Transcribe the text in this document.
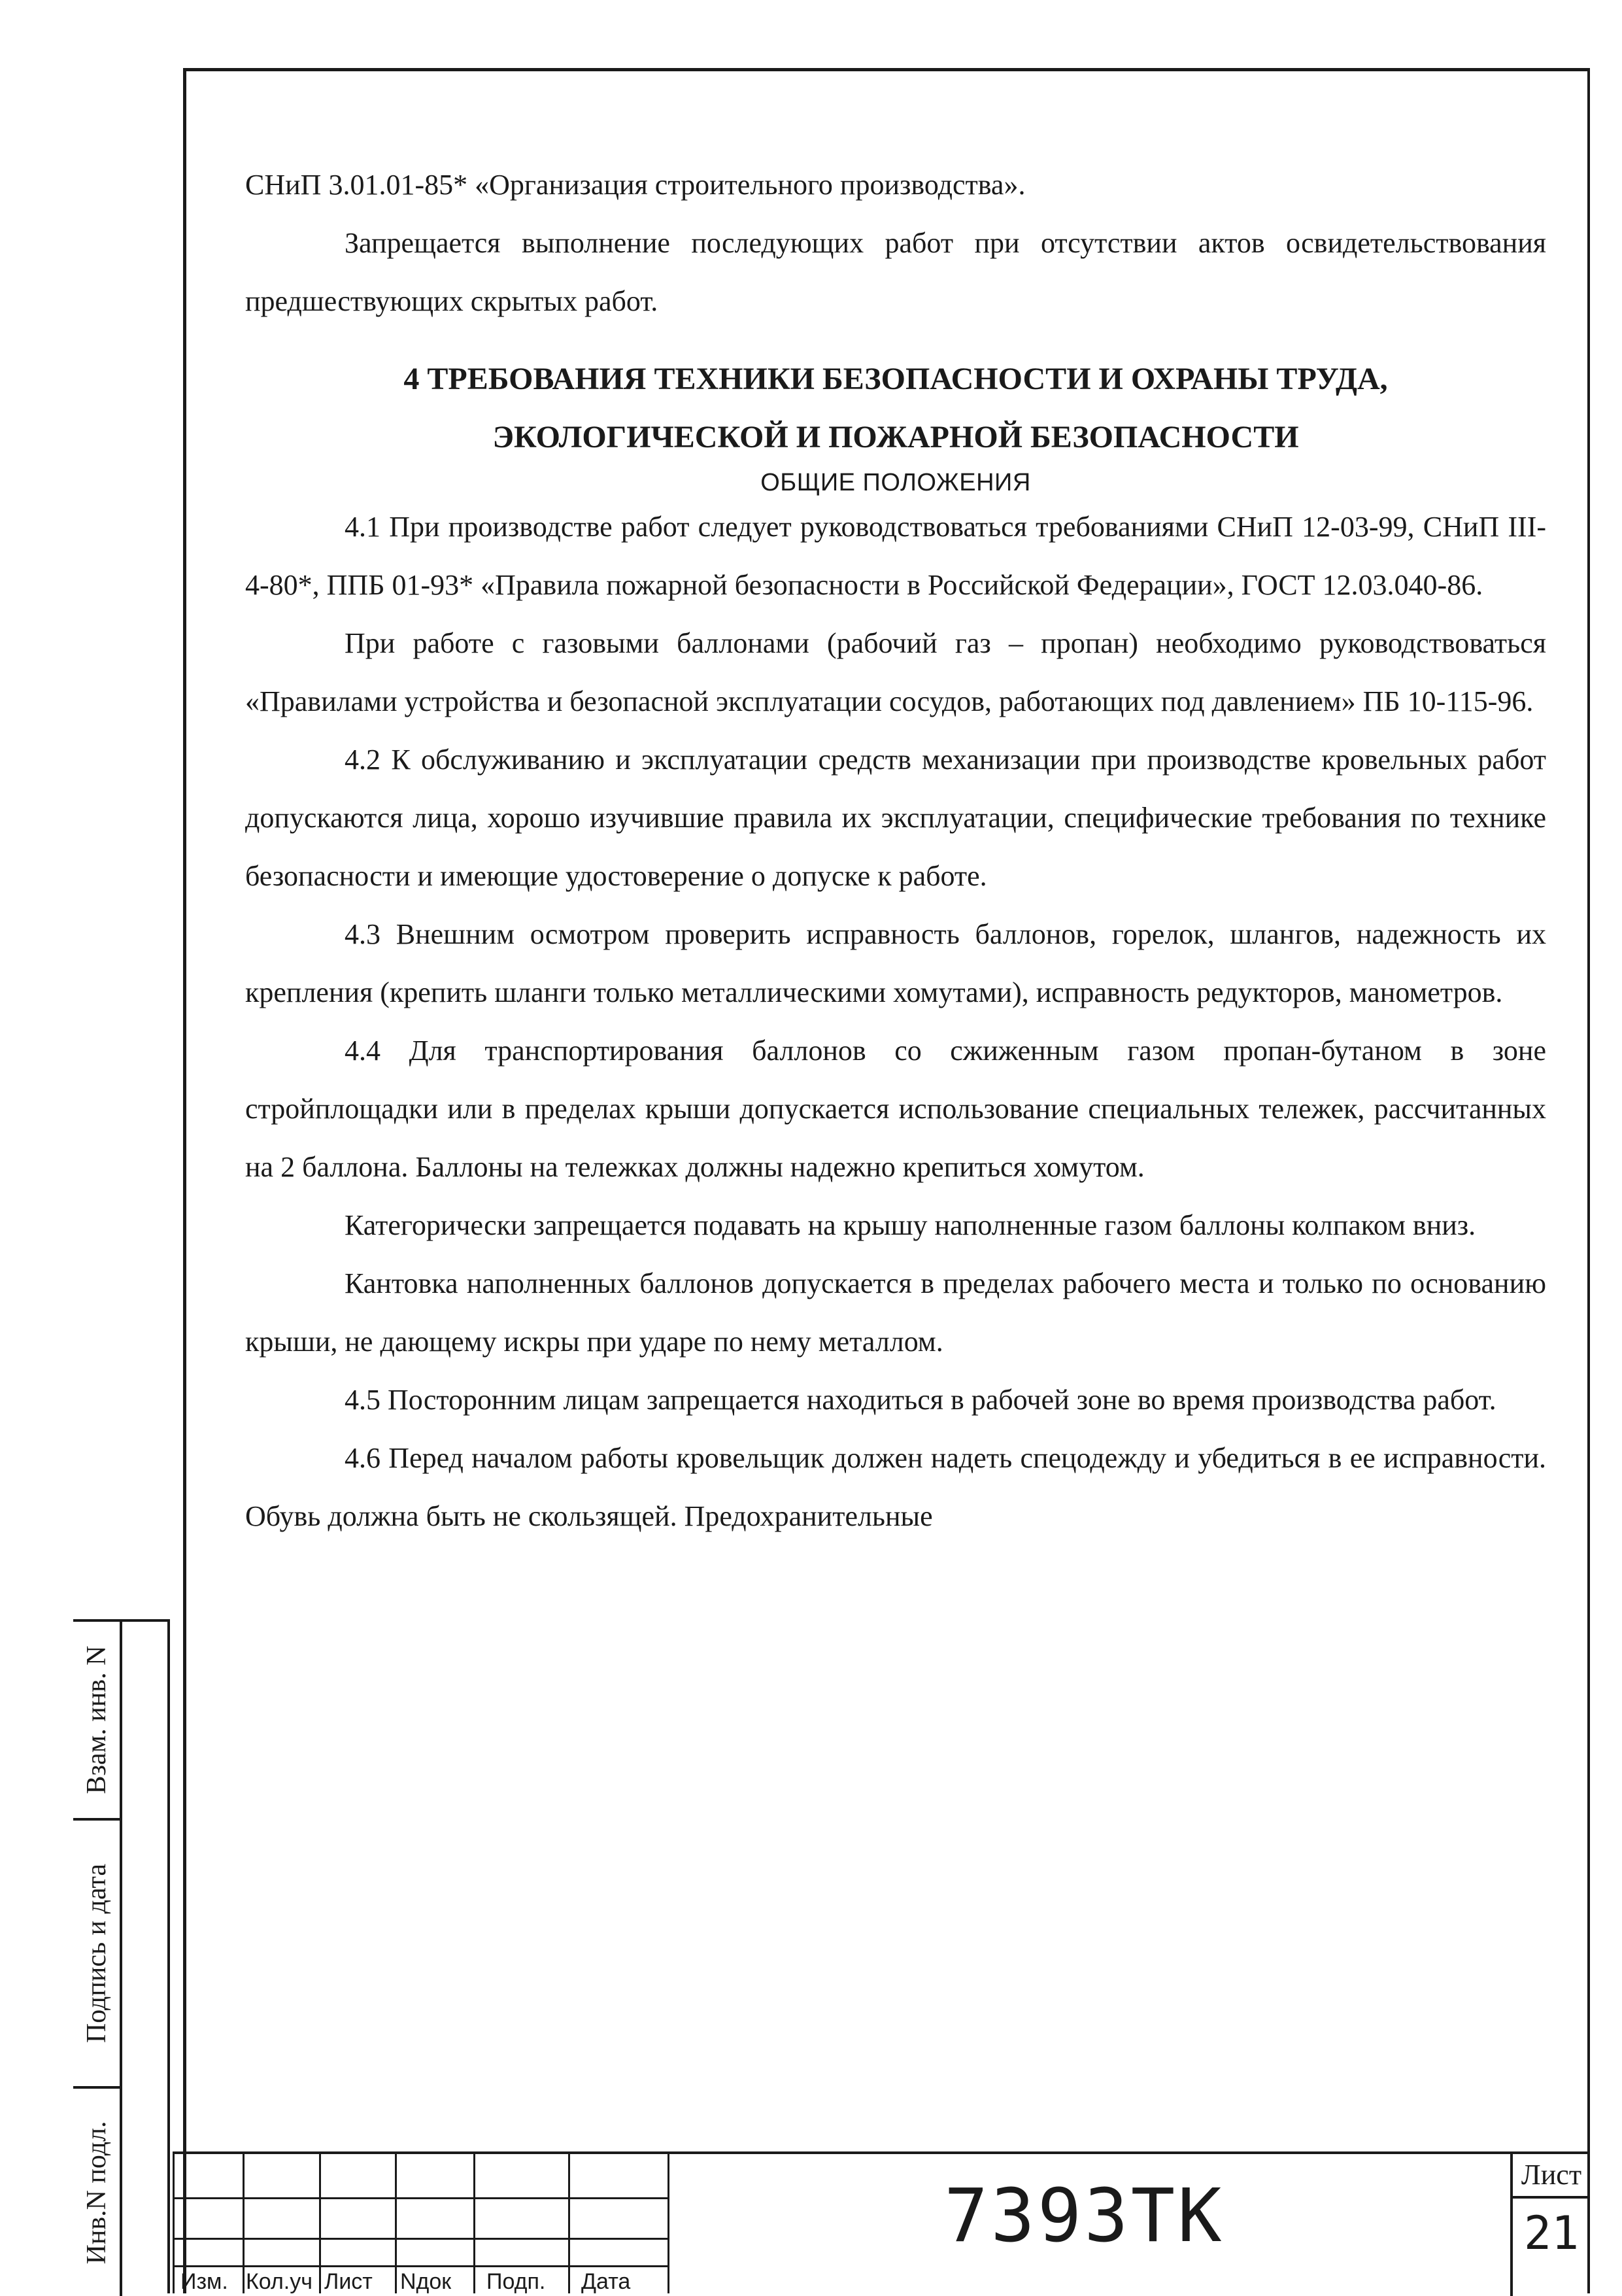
СНиП 3.01.01-85* «Организация строительного производства».

Запрещается выполнение последующих работ при отсутствии актов освидетельствования предшествующих скрытых работ.

4 ТРЕБОВАНИЯ ТЕХНИКИ БЕЗОПАСНОСТИ И ОХРАНЫ ТРУДА,

ЭКОЛОГИЧЕСКОЙ И ПОЖАРНОЙ БЕЗОПАСНОСТИ

ОБЩИЕ ПОЛОЖЕНИЯ

4.1 При производстве работ следует руководствоваться требованиями СНиП 12-03-99, СНиП III-4-80*, ППБ 01-93* «Правила пожарной безопасности в Российской Федерации», ГОСТ 12.03.040-86.

При работе с газовыми баллонами (рабочий газ – пропан) необходимо руководствоваться «Правилами устройства и безопасной эксплуатации сосудов, работающих под давлением» ПБ 10-115-96.

4.2 К обслуживанию и эксплуатации средств механизации при производстве кровельных работ допускаются лица, хорошо изучившие правила их эксплуатации, специфические требования по технике безопасности и имеющие удостоверение о допуске к работе.

4.3 Внешним осмотром проверить исправность баллонов, горелок, шлангов, надежность их крепления (крепить шланги только металлическими хомутами), исправность редукторов, манометров.

4.4 Для транспортирования баллонов со сжиженным газом пропан-бутаном в зоне стройплощадки или в пределах крыши допускается использование специальных тележек, рассчитанных на 2 баллона. Баллоны на тележках должны надежно крепиться хомутом.

Категорически запрещается подавать на крышу наполненные газом баллоны колпаком вниз.

Кантовка наполненных баллонов допускается в пределах рабочего места и только по основанию крыши, не дающему искры при ударе по нему металлом.

4.5 Посторонним лицам запрещается находиться в рабочей зоне во время производства работ.

4.6 Перед началом работы кровельщик должен надеть спецодежду и убедиться в ее исправности. Обувь должна быть не скользящей. Предохранительные

Взам. инв. N
Подпись и дата
Инв.N подл.
Изм. Кол.уч Лист Nдок Подп. Дата
7393ТК	Лист
21
